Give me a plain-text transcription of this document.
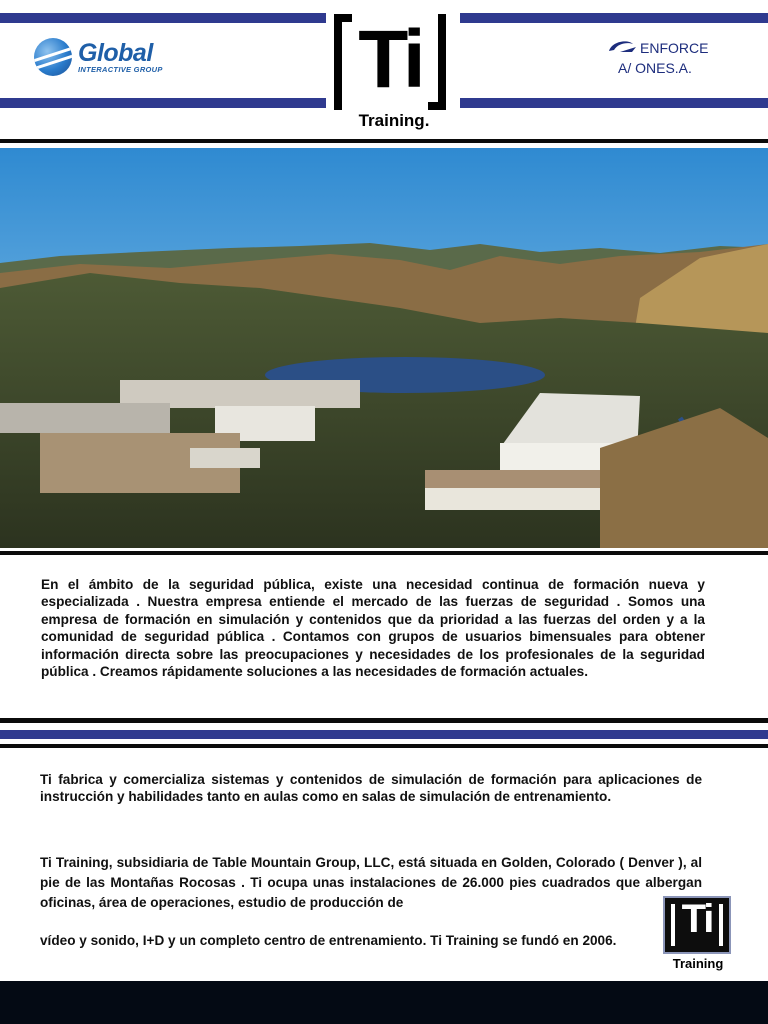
Global
INTERACTIVE GROUP Ti
Training.
ENFORCE
A/ ONES.A.
En el ámbito de la seguridad pública, existe una necesidad continua de formación nueva y especializada . Nuestra empresa entiende el mercado de las fuerzas de seguridad . Somos una empresa de formación en simulación y contenidos que da prioridad a las fuerzas del orden y a la comunidad de seguridad pública . Contamos con grupos de usuarios bimensuales para obtener información directa sobre las preocupaciones y necesidades de los profesionales de la seguridad pública . Creamos rápidamente soluciones a las necesidades de formación actuales.
Ti fabrica y comercializa sistemas y contenidos de simulación de formación para aplicaciones de instrucción y habilidades tanto en aulas como en salas de simulación de entrenamiento.
Ti Training, subsidiaria de Table Mountain Group, LLC, está situada en Golden, Colorado ( Denver ), al pie de las Montañas Rocosas . Ti ocupa unas instalaciones de 26.000 pies cuadrados que albergan oficinas, área de operaciones, estudio de producción de
vídeo y sonido, I+D y un completo centro de entrenamiento. Ti Training se fundó en 2006.	Ti
Training
